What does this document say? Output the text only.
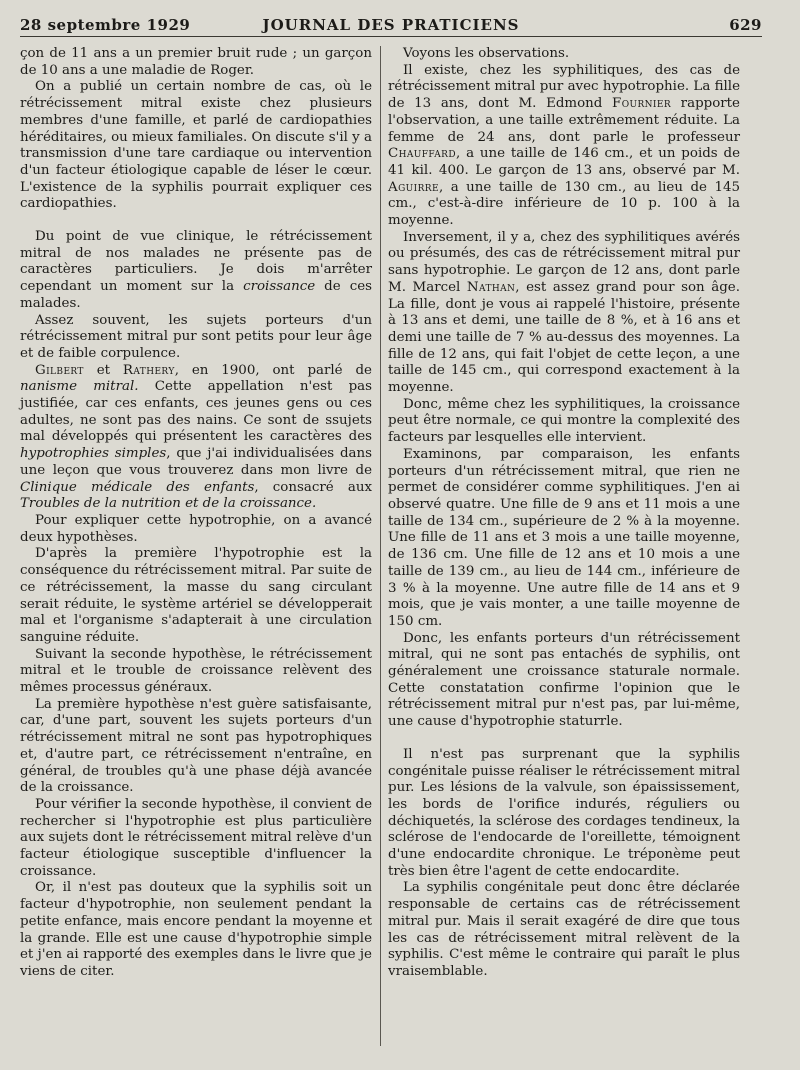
28 septembre 1929	JOURNAL DES PRATICIENS	629

çon de 11 ans a un premier bruit rude ; un garçon de 10 ans a une maladie de Roger.

On a publié un certain nombre de cas, où le rétrécissement mitral existe chez plusieurs membres d'une famille, et parlé de cardiopathies héréditaires, ou mieux familiales. On discute s'il y a transmission d'une tare cardiaque ou intervention d'un facteur étiologique capable de léser le cœur. L'existence de la syphilis pourrait expliquer ces cardiopathies.

Du point de vue clinique, le rétrécissement mitral de nos malades ne présente pas de caractères particuliers. Je dois m'arrêter cependant un moment sur la croissance de ces malades.

Assez souvent, les sujets porteurs d'un rétrécissement mitral pur sont petits pour leur âge et de faible corpulence.

Gilbert et Rathery, en 1900, ont parlé de nanisme mitral. Cette appellation n'est pas justifiée, car ces enfants, ces jeunes gens ou ces adultes, ne sont pas des nains. Ce sont de ssujets mal développés qui présentent les caractères des hypotrophies simples, que j'ai individualisées dans une leçon que vous trouverez dans mon livre de Clinique médicale des enfants, consacré aux Troubles de la nutrition et de la croissance.

Pour expliquer cette hypotrophie, on a avancé deux hypothèses.

D'après la première l'hypotrophie est la conséquence du rétrécissement mitral. Par suite de ce rétrécissement, la masse du sang circulant serait réduite, le système artériel se développerait mal et l'organisme s'adapterait à une circulation sanguine réduite.

Suivant la seconde hypothèse, le rétrécissement mitral et le trouble de croissance relèvent des mêmes processus généraux.

La première hypothèse n'est guère satisfaisante, car, d'une part, souvent les sujets porteurs d'un rétrécissement mitral ne sont pas hypotrophiques et, d'autre part, ce rétrécissement n'entraîne, en général, de troubles qu'à une phase déjà avancée de la croissance.

Pour vérifier la seconde hypothèse, il convient de rechercher si l'hypotrophie est plus particulière aux sujets dont le rétrécissement mitral relève d'un facteur étiologique susceptible d'influencer la croissance.

Or, il n'est pas douteux que la syphilis soit un facteur d'hypotrophie, non seulement pendant la petite enfance, mais encore pendant la moyenne et la grande. Elle est une cause d'hypotrophie simple et j'en ai rapporté des exemples dans le livre que je viens de citer.

Voyons les observations.

Il existe, chez les syphilitiques, des cas de rétrécissement mitral pur avec hypotrophie. La fille de 13 ans, dont M. Edmond Fournier rapporte l'observation, a une taille extrêmement réduite. La femme de 24 ans, dont parle le professeur Chauffard, a une taille de 146 cm., et un poids de 41 kil. 400. Le garçon de 13 ans, observé par M. Aguirre, a une taille de 130 cm., au lieu de 145 cm., c'est-à-dire inférieure de 10 p. 100 à la moyenne.

Inversement, il y a, chez des syphilitiques avérés ou présumés, des cas de rétrécissement mitral pur sans hypotrophie. Le garçon de 12 ans, dont parle M. Marcel Nathan, est assez grand pour son âge. La fille, dont je vous ai rappelé l'histoire, présente à 13 ans et demi, une taille de 8 %, et à 16 ans et demi une taille de 7 % au-dessus des moyennes. La fille de 12 ans, qui fait l'objet de cette leçon, a une taille de 145 cm., qui correspond exactement à la moyenne.

Donc, même chez les syphilitiques, la croissance peut être normale, ce qui montre la complexité des facteurs par lesquelles elle intervient.

Examinons, par comparaison, les enfants porteurs d'un rétrécissement mitral, que rien ne permet de considérer comme syphilitiques. J'en ai observé quatre. Une fille de 9 ans et 11 mois a une taille de 134 cm., supérieure de 2 % à la moyenne. Une fille de 11 ans et 3 mois a une taille moyenne, de 136 cm. Une fille de 12 ans et 10 mois a une taille de 139 cm., au lieu de 144 cm., inférieure de 3 % à la moyenne. Une autre fille de 14 ans et 9 mois, que je vais monter, a une taille moyenne de 150 cm.

Donc, les enfants porteurs d'un rétrécissement mitral, qui ne sont pas entachés de syphilis, ont généralement une croissance staturale normale. Cette constatation confirme l'opinion que le rétrécissement mitral pur n'est pas, par lui-même, une cause d'hypotrophie staturrle.

Il n'est pas surprenant que la syphilis congénitale puisse réaliser le rétrécissement mitral pur. Les lésions de la valvule, son épaississement, les bords de l'orifice indurés, réguliers ou déchiquetés, la sclérose des cordages tendineux, la sclérose de l'endocarde de l'oreillette, témoignent d'une endocardite chronique. Le tréponème peut très bien être l'agent de cette endocardite.

La syphilis congénitale peut donc être déclarée responsable de certains cas de rétrécissement mitral pur. Mais il serait exagéré de dire que tous les cas de rétrécissement mitral relèvent de la syphilis. C'est même le contraire qui paraît le plus vraisemblable.
